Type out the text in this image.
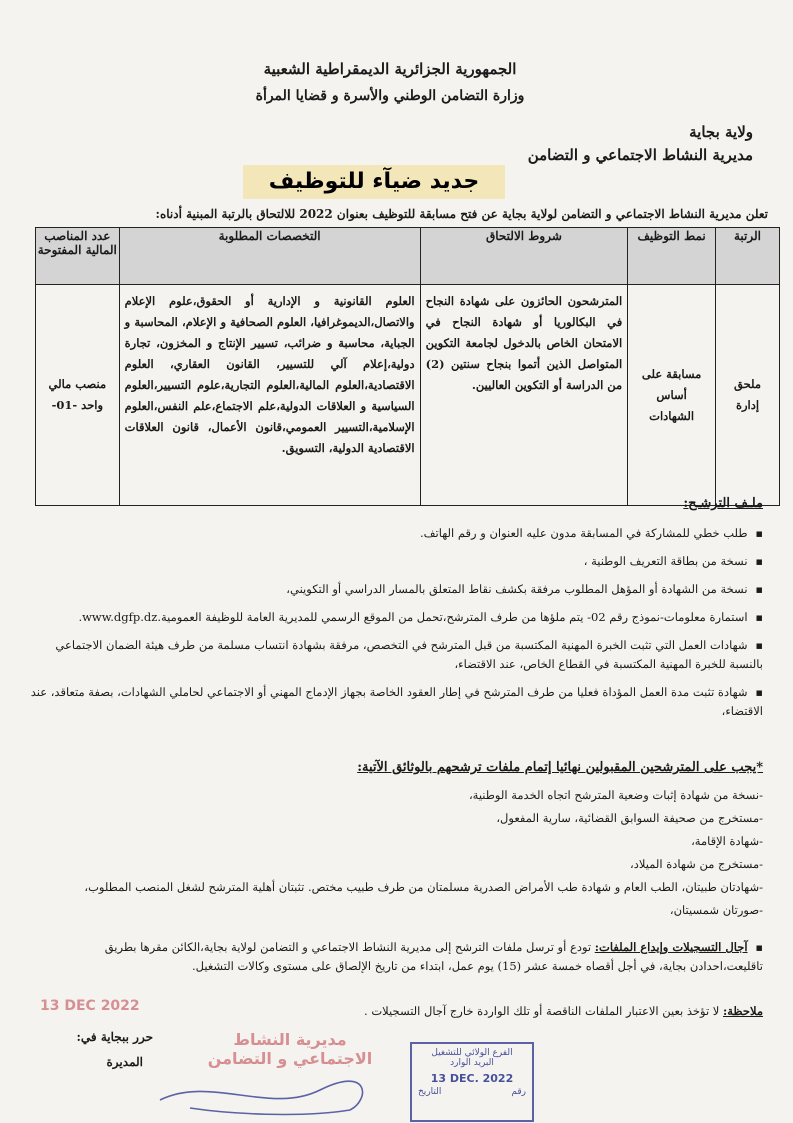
الجمهورية الجزائرية الديمقراطية الشعبية
وزارة التضامن الوطني والأسرة و قضايا المرأة
ولاية بجاية
مديرية النشاط الاجتماعي و التضامن
جديد ضيآء للتوظيف
تعلن مديرية النشاط الاجتماعي و التضامن لولاية بجاية عن فتح مسابقة للتوظيف بعنوان 2022 للالتحاق بالرتبة المبنية أدناه:
الرتبة	نمط التوظيف	شروط الالتحاق	التخصصات المطلوبة	عدد المناصب المالية المفتوحة
ملحق إدارة	مسابقة على أساس الشهادات	المترشحون الحائزون على شهادة النجاح في البكالوريا أو شهادة النجاح في الامتحان الخاص بالدخول لجامعة التكوين المتواصل الذين أتموا بنجاح سنتين (2) من الدراسة أو التكوين العاليين.	العلوم القانونية و الإدارية أو الحقوق،علوم الإعلام والاتصال،الديموغرافيا، العلوم الصحافية و الإعلام، المحاسبة و الجباية، محاسبة و ضرائب، تسيير الإنتاج و المخزون، تجارة دولية،إعلام آلي للتسيير، القانون العقاري، العلوم الاقتصادية،العلوم المالية،العلوم التجارية،علوم التسيير،العلوم السياسية و العلاقات الدولية،علم الاجتماع،علم النفس،العلوم الإسلامية،التسيير العمومي،قانون الأعمال، قانون العلاقات الاقتصادية الدولية، التسويق.	منصب مالي واحد -01-
ملـف الترشـح:
▪ طلب خطي للمشاركة في المسابقة مدون عليه العنوان و رقم الهاتف.
▪ نسخة من بطاقة التعريف الوطنية ،
▪ نسخة من الشهادة أو المؤهل المطلوب مرفقة بكشف نقاط المتعلق بالمسار الدراسي أو التكويني،
▪ استمارة معلومات-نموذج رقم 02- يتم ملؤها من طرف المترشح،تحمل من الموقع الرسمي للمديرية العامة للوظيفة العمومية.www.dgfp.dz.
▪ شهادات العمل التي تثبت الخبرة المهنية المكتسبة من قبل المترشح في التخصص، مرفقة بشهادة انتساب مسلمة من طرف هيئة الضمان الاجتماعي بالنسبة للخبرة المهنية المكتسبة في القطاع الخاص، عند الاقتضاء،
▪ شهادة تثبت مدة العمل المؤداة فعليا من طرف المترشح في إطار العقود الخاصة بجهاز الإدماج المهني أو الاجتماعي لحاملي الشهادات، بصفة متعاقد، عند الاقتضاء،
*يجب على المترشحين المقبولين نهائيا إتمام ملفات ترشحهم بالوثائق الآتية:
-نسخة من شهادة إثبات وضعية المترشح اتجاه الخدمة الوطنية،
-مستخرج من صحيفة السوابق القضائية، سارية المفعول،
-شهادة الإقامة،
-مستخرج من شهادة الميلاد،
-شهادتان طبيتان، الطب العام و شهادة طب الأمراض الصدرية مسلمتان من طرف طبيب مختص. تثبتان أهلية المترشح لشغل المنصب المطلوب،
-صورتان شمسيتان،
▪ آجال التسجيلات وإيداع الملفات: تودع أو ترسل ملفات الترشح إلى مديرية النشاط الاجتماعي و التضامن لولاية بجاية،الكائن مقرها بطريق تاقليعت،احدادن بجاية، في أجل أقصاه خمسة عشر (15) يوم عمل، ابتداء من تاريخ الإلصاق على مستوى وكالات التشغيل.
ملاحظة: لا تؤخذ بعين الاعتبار الملفات الناقصة أو تلك الواردة خارج آجال التسجيلات .
حرر ببجاية في:
المديرة
13 DEC 2022
مديرية النشاط الاجتماعي و التضامن	الفرع الولائي للتشغيل
البريد الوارد
13 DEC. 2022
رقم
التاريخ
